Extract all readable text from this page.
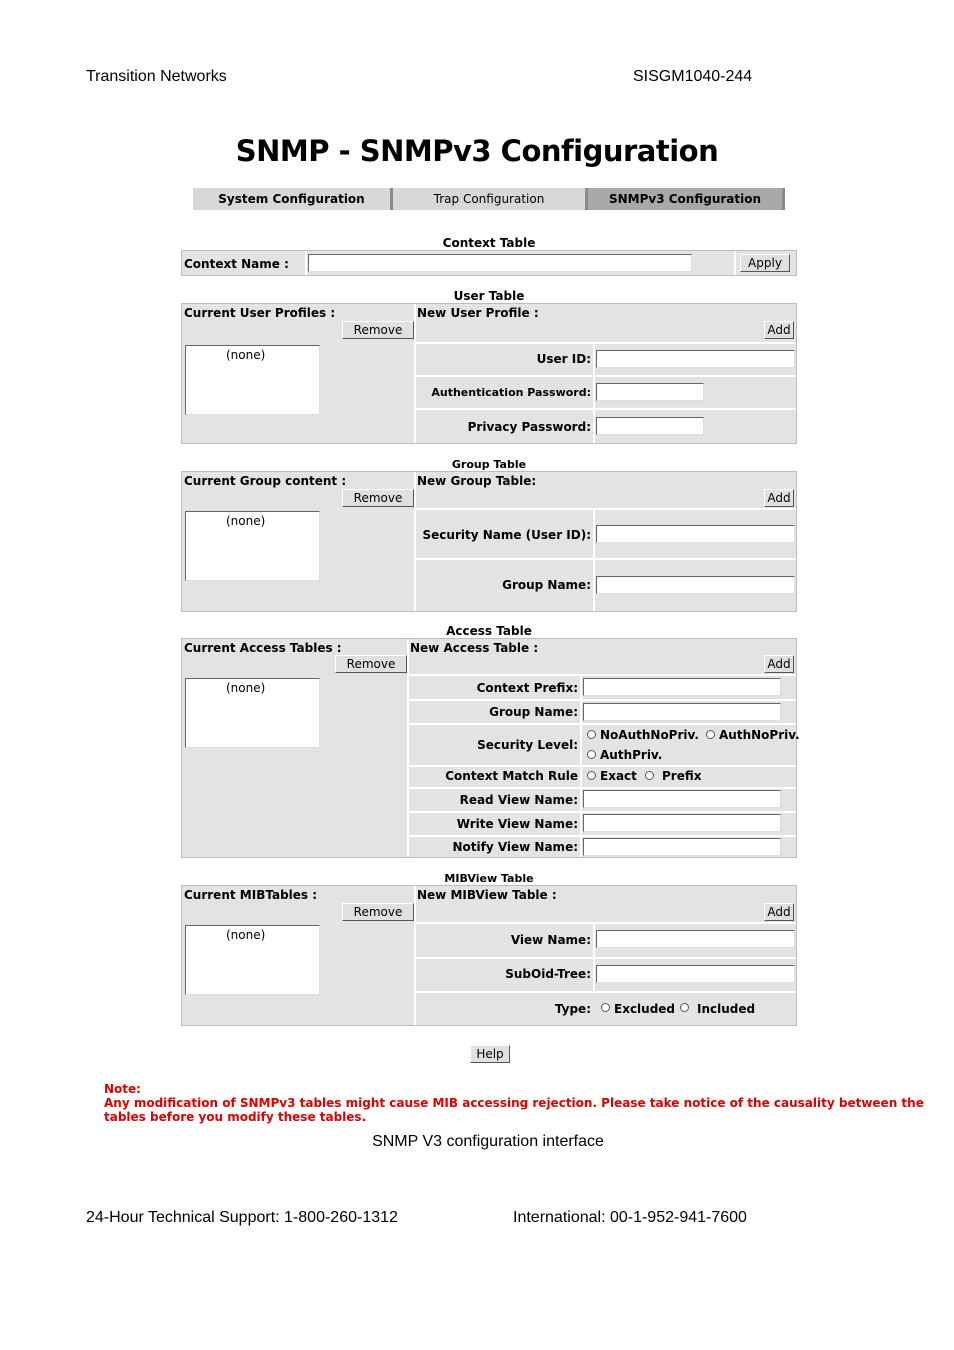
Transition Networks	SISGM1040-244
SNMP - SNMPv3 Configuration
System Configuration	Trap Configuration	SNMPv3 Configuration
Context Table
Context Name :	Apply
User Table
Current User Profiles :
Remove
(none)
New User Profile :
Add
User ID:
Authentication Password:
Privacy Password:
Group Table
Current Group content :
Remove
(none)
New Group Table:
Add
Security Name (User ID):
Group Name:
Access Table
Current Access Tables :
Remove
(none)
New Access Table :
Add
Context Prefix:
Group Name:
Security Level:
NoAuthNoPriv. AuthNoPriv.
AuthPriv.
Context Match Rule Exact Prefix
Read View Name:
Write View Name:
Notify View Name:
MIBView Table
Current MIBTables :
Remove
(none)
New MIBView Table :
Add
View Name:
SubOid-Tree:
Type: Excluded Included
Help
Note:
Any modification of SNMPv3 tables might cause MIB accessing rejection. Please take notice of the causality between the
tables before you modify these tables.
SNMP V3 configuration interface
24-Hour Technical Support: 1-800-260-1312	International: 00-1-952-941-7600
